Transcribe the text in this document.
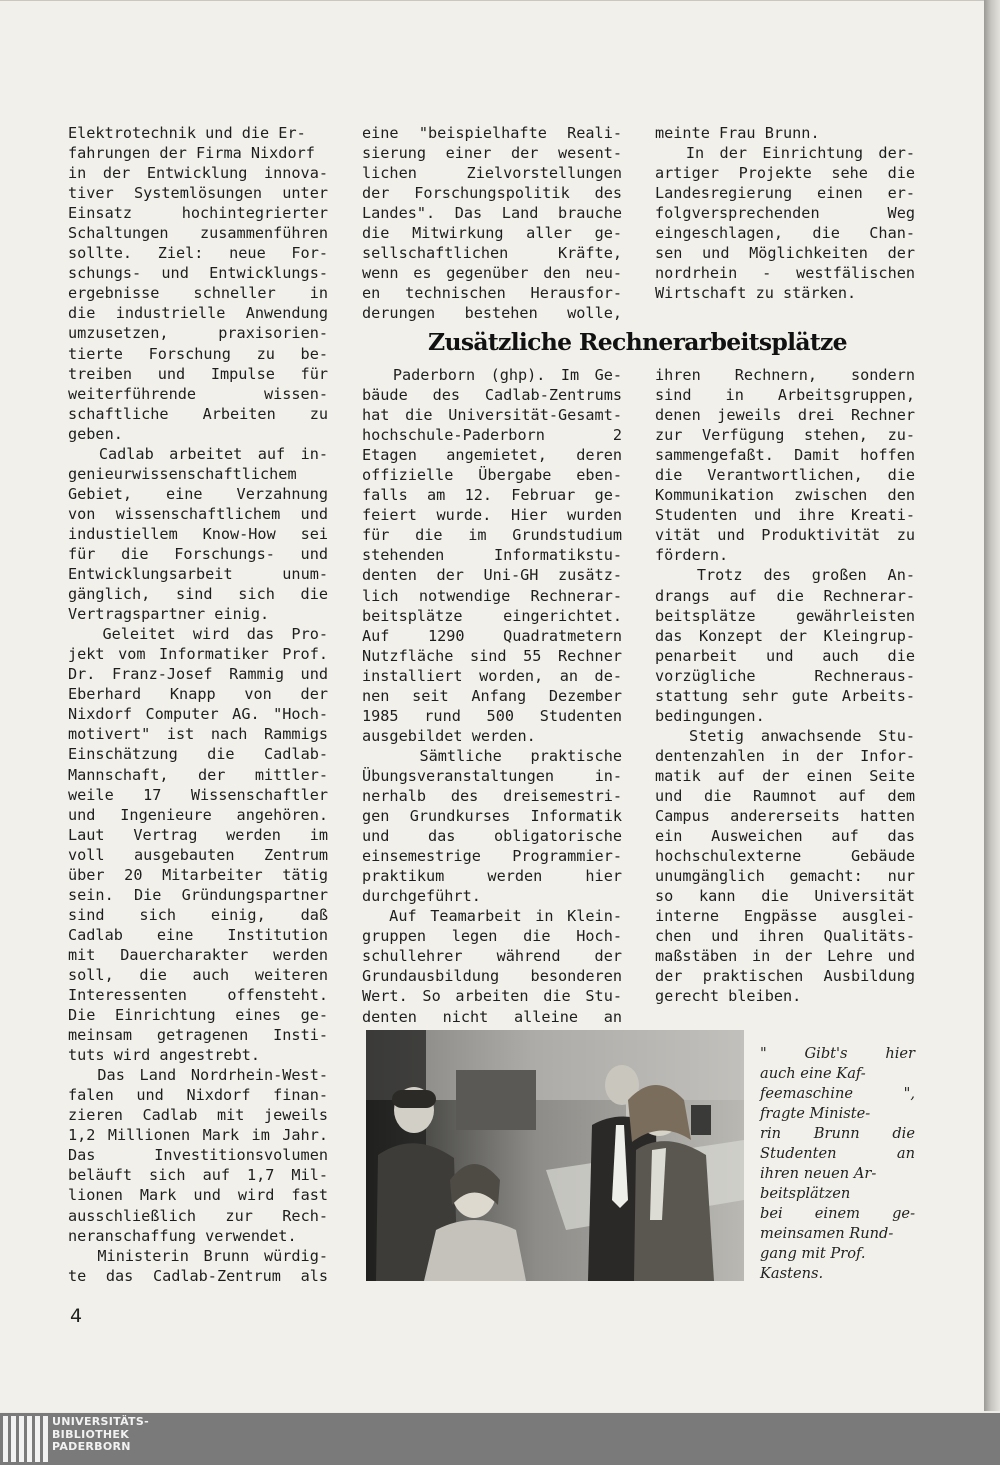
Elektrotechnik und die Er-
fahrungen der Firma Nixdorf
in der Entwicklung innova-
tiver Systemlösungen unter
Einsatz hochintegrierter
Schaltungen zusammenführen
sollte. Ziel: neue For-
schungs- und Entwicklungs-
ergebnisse schneller in
die industrielle Anwendung
umzusetzen, praxisorien-
tierte Forschung zu be-
treiben und Impulse für
weiterführende wissen-
schaftliche Arbeiten zu
geben.
Cadlab arbeitet auf in-
genieurwissenschaftlichem
Gebiet, eine Verzahnung
von wissenschaftlichem und
industiellem Know-How sei
für die Forschungs- und
Entwicklungsarbeit unum-
gänglich, sind sich die
Vertragspartner einig.
Geleitet wird das Pro-
jekt vom Informatiker Prof.
Dr. Franz-Josef Rammig und
Eberhard Knapp von der
Nixdorf Computer AG. "Hoch-
motivert" ist nach Rammigs
Einschätzung die Cadlab-
Mannschaft, der mittler-
weile 17 Wissenschaftler
und Ingenieure angehören.
Laut Vertrag werden im
voll ausgebauten Zentrum
über 20 Mitarbeiter tätig
sein. Die Gründungspartner
sind sich einig, daß
Cadlab eine Institution
mit Dauercharakter werden
soll, die auch weiteren
Interessenten offensteht.
Die Einrichtung eines ge-
meinsam getragenen Insti-
tuts wird angestrebt.
Das Land Nordrhein-West-
falen und Nixdorf finan-
zieren Cadlab mit jeweils
1,2 Millionen Mark im Jahr.
Das Investitionsvolumen
beläuft sich auf 1,7 Mil-
lionen Mark und wird fast
ausschließlich zur Rech-
neranschaffung verwendet.
Ministerin Brunn würdig-
te das Cadlab-Zentrum als
eine "beispielhafte Reali-
sierung einer der wesent-
lichen Zielvorstellungen
der Forschungspolitik des
Landes". Das Land brauche
die Mitwirkung aller ge-
sellschaftlichen Kräfte,
wenn es gegenüber den neu-
en technischen Herausfor-
derungen bestehen wolle,
meinte Frau Brunn.
In der Einrichtung der-
artiger Projekte sehe die
Landesregierung einen er-
folgversprechenden Weg
eingeschlagen, die Chan-
sen und Möglichkeiten der
nordrhein - westfälischen
Wirtschaft zu stärken.
Zusätzliche Rechnerarbeitsplätze
Paderborn (ghp). Im Ge-
bäude des Cadlab-Zentrums
hat die Universität-Gesamt-
hochschule-Paderborn 2
Etagen angemietet, deren
offizielle Übergabe eben-
falls am 12. Februar ge-
feiert wurde. Hier wurden
für die im Grundstudium
stehenden Informatikstu-
denten der Uni-GH zusätz-
lich notwendige Rechnerar-
beitsplätze eingerichtet.
Auf 1290 Quadratmetern
Nutzfläche sind 55 Rechner
installiert worden, an de-
nen seit Anfang Dezember
1985 rund 500 Studenten
ausgebildet werden.
Sämtliche praktische
Übungsveranstaltungen in-
nerhalb des dreisemestri-
gen Grundkurses Informatik
und das obligatorische
einsemestrige Programmier-
praktikum werden hier
durchgeführt.
Auf Teamarbeit in Klein-
gruppen legen die Hoch-
schullehrer während der
Grundausbildung besonderen
Wert. So arbeiten die Stu-
denten nicht alleine an
ihren Rechnern, sondern
sind in Arbeitsgruppen,
denen jeweils drei Rechner
zur Verfügung stehen, zu-
sammengefaßt. Damit hoffen
die Verantwortlichen, die
Kommunikation zwischen den
Studenten und ihre Kreati-
vität und Produktivität zu
fördern.
Trotz des großen An-
drangs auf die Rechnerar-
beitsplätze gewährleisten
das Konzept der Kleingrup-
penarbeit und auch die
vorzügliche Rechneraus-
stattung sehr gute Arbeits-
bedingungen.
Stetig anwachsende Stu-
dentenzahlen in der Infor-
matik auf der einen Seite
und die Raumnot auf dem
Campus andererseits hatten
ein Ausweichen auf das
hochschulexterne Gebäude
unumgänglich gemacht: nur
so kann die Universität
interne Engpässe ausglei-
chen und ihren Qualitäts-
maßstäben in der Lehre und
der praktischen Ausbildung
gerecht bleiben.
" Gibt's hier
auch eine Kaf-
feemaschine ",
fragte Ministe-
rin Brunn die
Studenten an
ihren neuen Ar-
beitsplätzen
bei einem ge-
meinsamen Rund-
gang mit Prof.
Kastens.
4
UNIVERSITÄTS-
BIBLIOTHEK
PADERBORN
